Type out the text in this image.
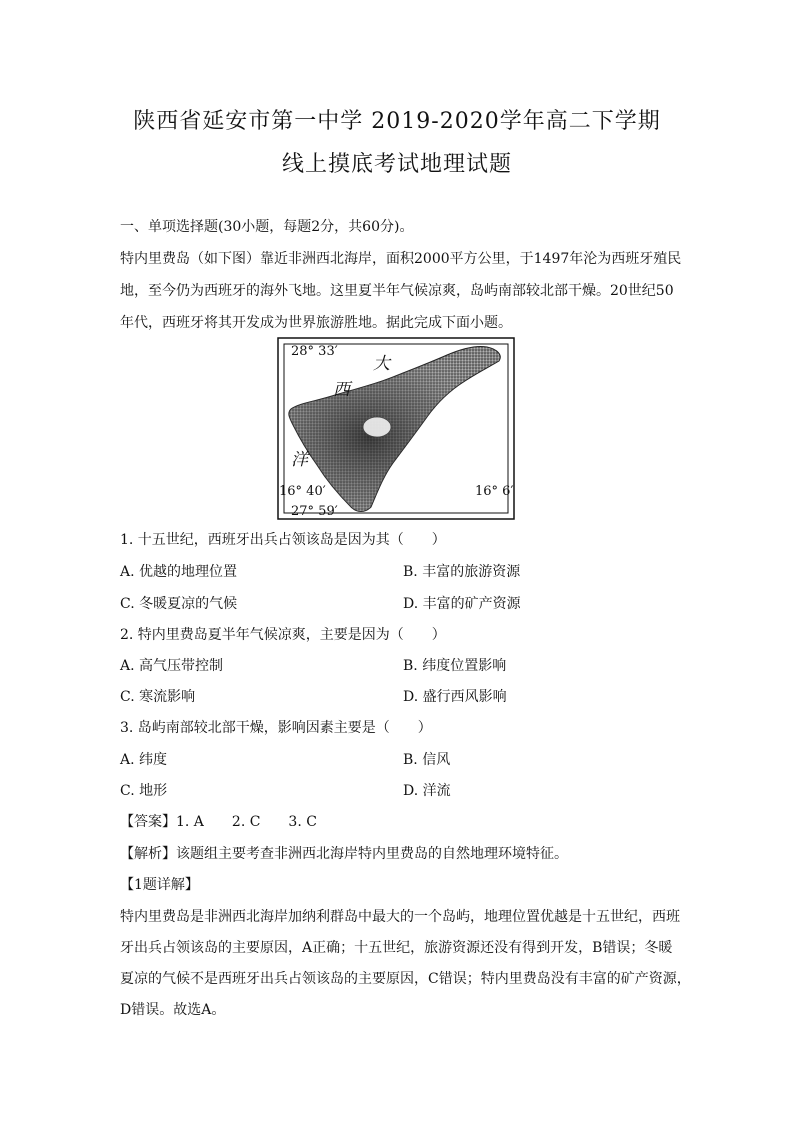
陕西省延安市第一中学 2019-2020学年高二下学期
线上摸底考试地理试题
一、单项选择题(30小题，每题2分，共60分)。
特内里费岛（如下图）靠近非洲西北海岸，面积2000平方公里，于1497年沦为西班牙殖民
地，至今仍为西班牙的海外飞地。这里夏半年气候凉爽，岛屿南部较北部干燥。20世纪50
年代，西班牙将其开发成为世界旅游胜地。据此完成下面小题。
28° 33′
大
西
洋
16° 40′	16° 6′
27° 59′
1. 十五世纪，西班牙出兵占领该岛是因为其（　　）
A. 优越的地理位置	B. 丰富的旅游资源
C. 冬暖夏凉的气候	D. 丰富的矿产资源
2. 特内里费岛夏半年气候凉爽，主要是因为（　　）
A. 高气压带控制	B. 纬度位置影响
C. 寒流影响	D. 盛行西风影响
3. 岛屿南部较北部干燥，影响因素主要是（　　）
A. 纬度	B. 信风
C. 地形	D. 洋流
【答案】1. A　　2. C　　3. C
【解析】该题组主要考查非洲西北海岸特内里费岛的自然地理环境特征。
【1题详解】
特内里费岛是非洲西北海岸加纳利群岛中最大的一个岛屿，地理位置优越是十五世纪，西班
牙出兵占领该岛的主要原因，A正确；十五世纪，旅游资源还没有得到开发，B错误；冬暖
夏凉的气候不是西班牙出兵占领该岛的主要原因，C错误；特内里费岛没有丰富的矿产资源，
D错误。故选A。
